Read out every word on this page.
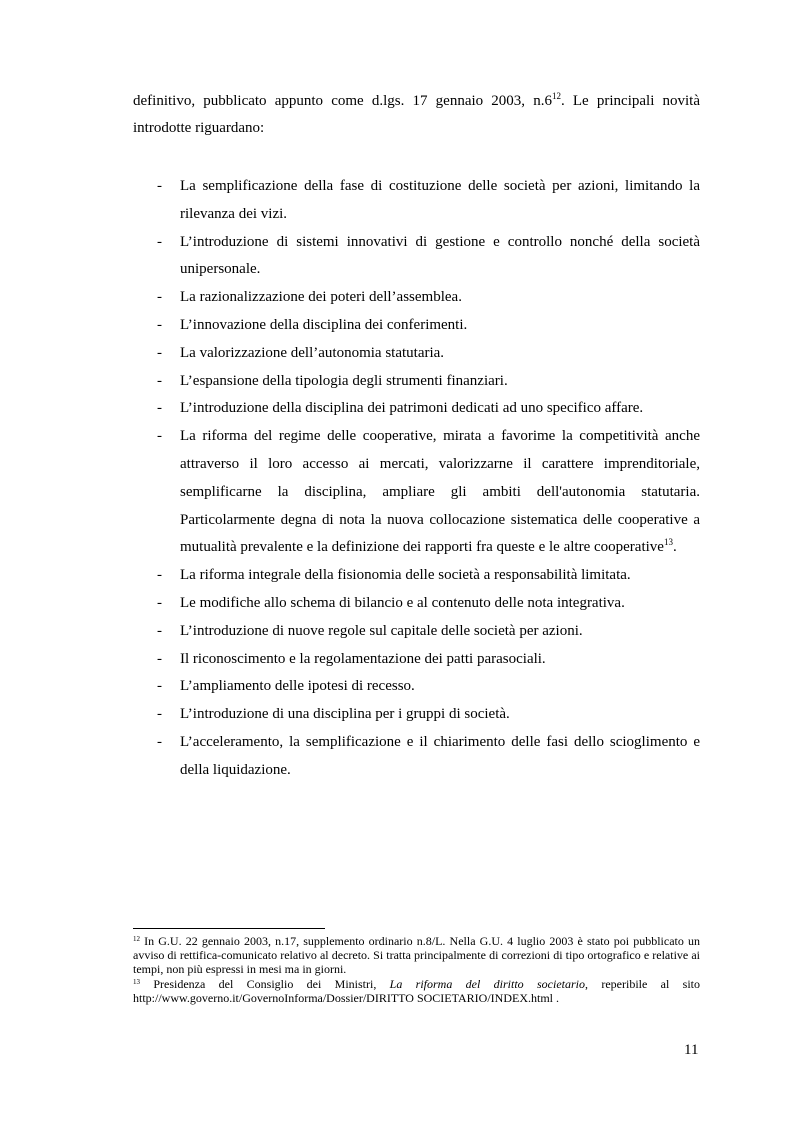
definitivo, pubblicato appunto come d.lgs. 17 gennaio 2003, $n.6^{12}$. Le principali novità introdotte riguardano:

- La semplificazione della fase di costituzione delle società per azioni, limitando la rilevanza dei vizi.
- L’introduzione di sistemi innovativi di gestione e controllo nonché della società unipersonale.
- La razionalizzazione dei poteri dell’assemblea.
- L’innovazione della disciplina dei conferimenti.
- La valorizzazione dell’autonomia statutaria.
- L’espansione della tipologia degli strumenti finanziari.
- L’introduzione della disciplina dei patrimoni dedicati ad uno specifico affare.
- La riforma del regime delle cooperative, mirata a favorime la competitività anche attraverso il loro accesso ai mercati, valorizzarne il carattere imprenditoriale, semplificarne la disciplina, ampliare gli ambiti dell'autonomia statutaria. Particolarmente degna di nota la nuova collocazione sistematica delle cooperative a mutualità prevalente e la definizione dei rapporti fra queste e le altre cooperative$^{13}$.
- La riforma integrale della fisionomia delle società a responsabilità limitata.
- Le modifiche allo schema di bilancio e al contenuto delle nota integrativa.
- L’introduzione di nuove regole sul capitale delle società per azioni.
- Il riconoscimento e la regolamentazione dei patti parasociali.
- L’ampliamento delle ipotesi di recesso.
- L’introduzione di una disciplina per i gruppi di società.
- L’acceleramento, la semplificazione e il chiarimento delle fasi dello scioglimento e della liquidazione.

$^{12}$ In G.U. 22 gennaio 2003, n.17, supplemento ordinario n.8/L. Nella G.U. 4 luglio 2003 è stato poi pubblicato un avviso di rettifica-comunicato relativo al decreto. Si tratta principalmente di correzioni di tipo ortografico e relative ai tempi, non più espressi in mesi ma in giorni.

$^{13}$ Presidenza del Consiglio dei Ministri, La riforma del diritto societario, reperibile al sito http://www.governo.it/GovernoInforma/Dossier/DIRITTO SOCIETARIO/INDEX.html .

11
